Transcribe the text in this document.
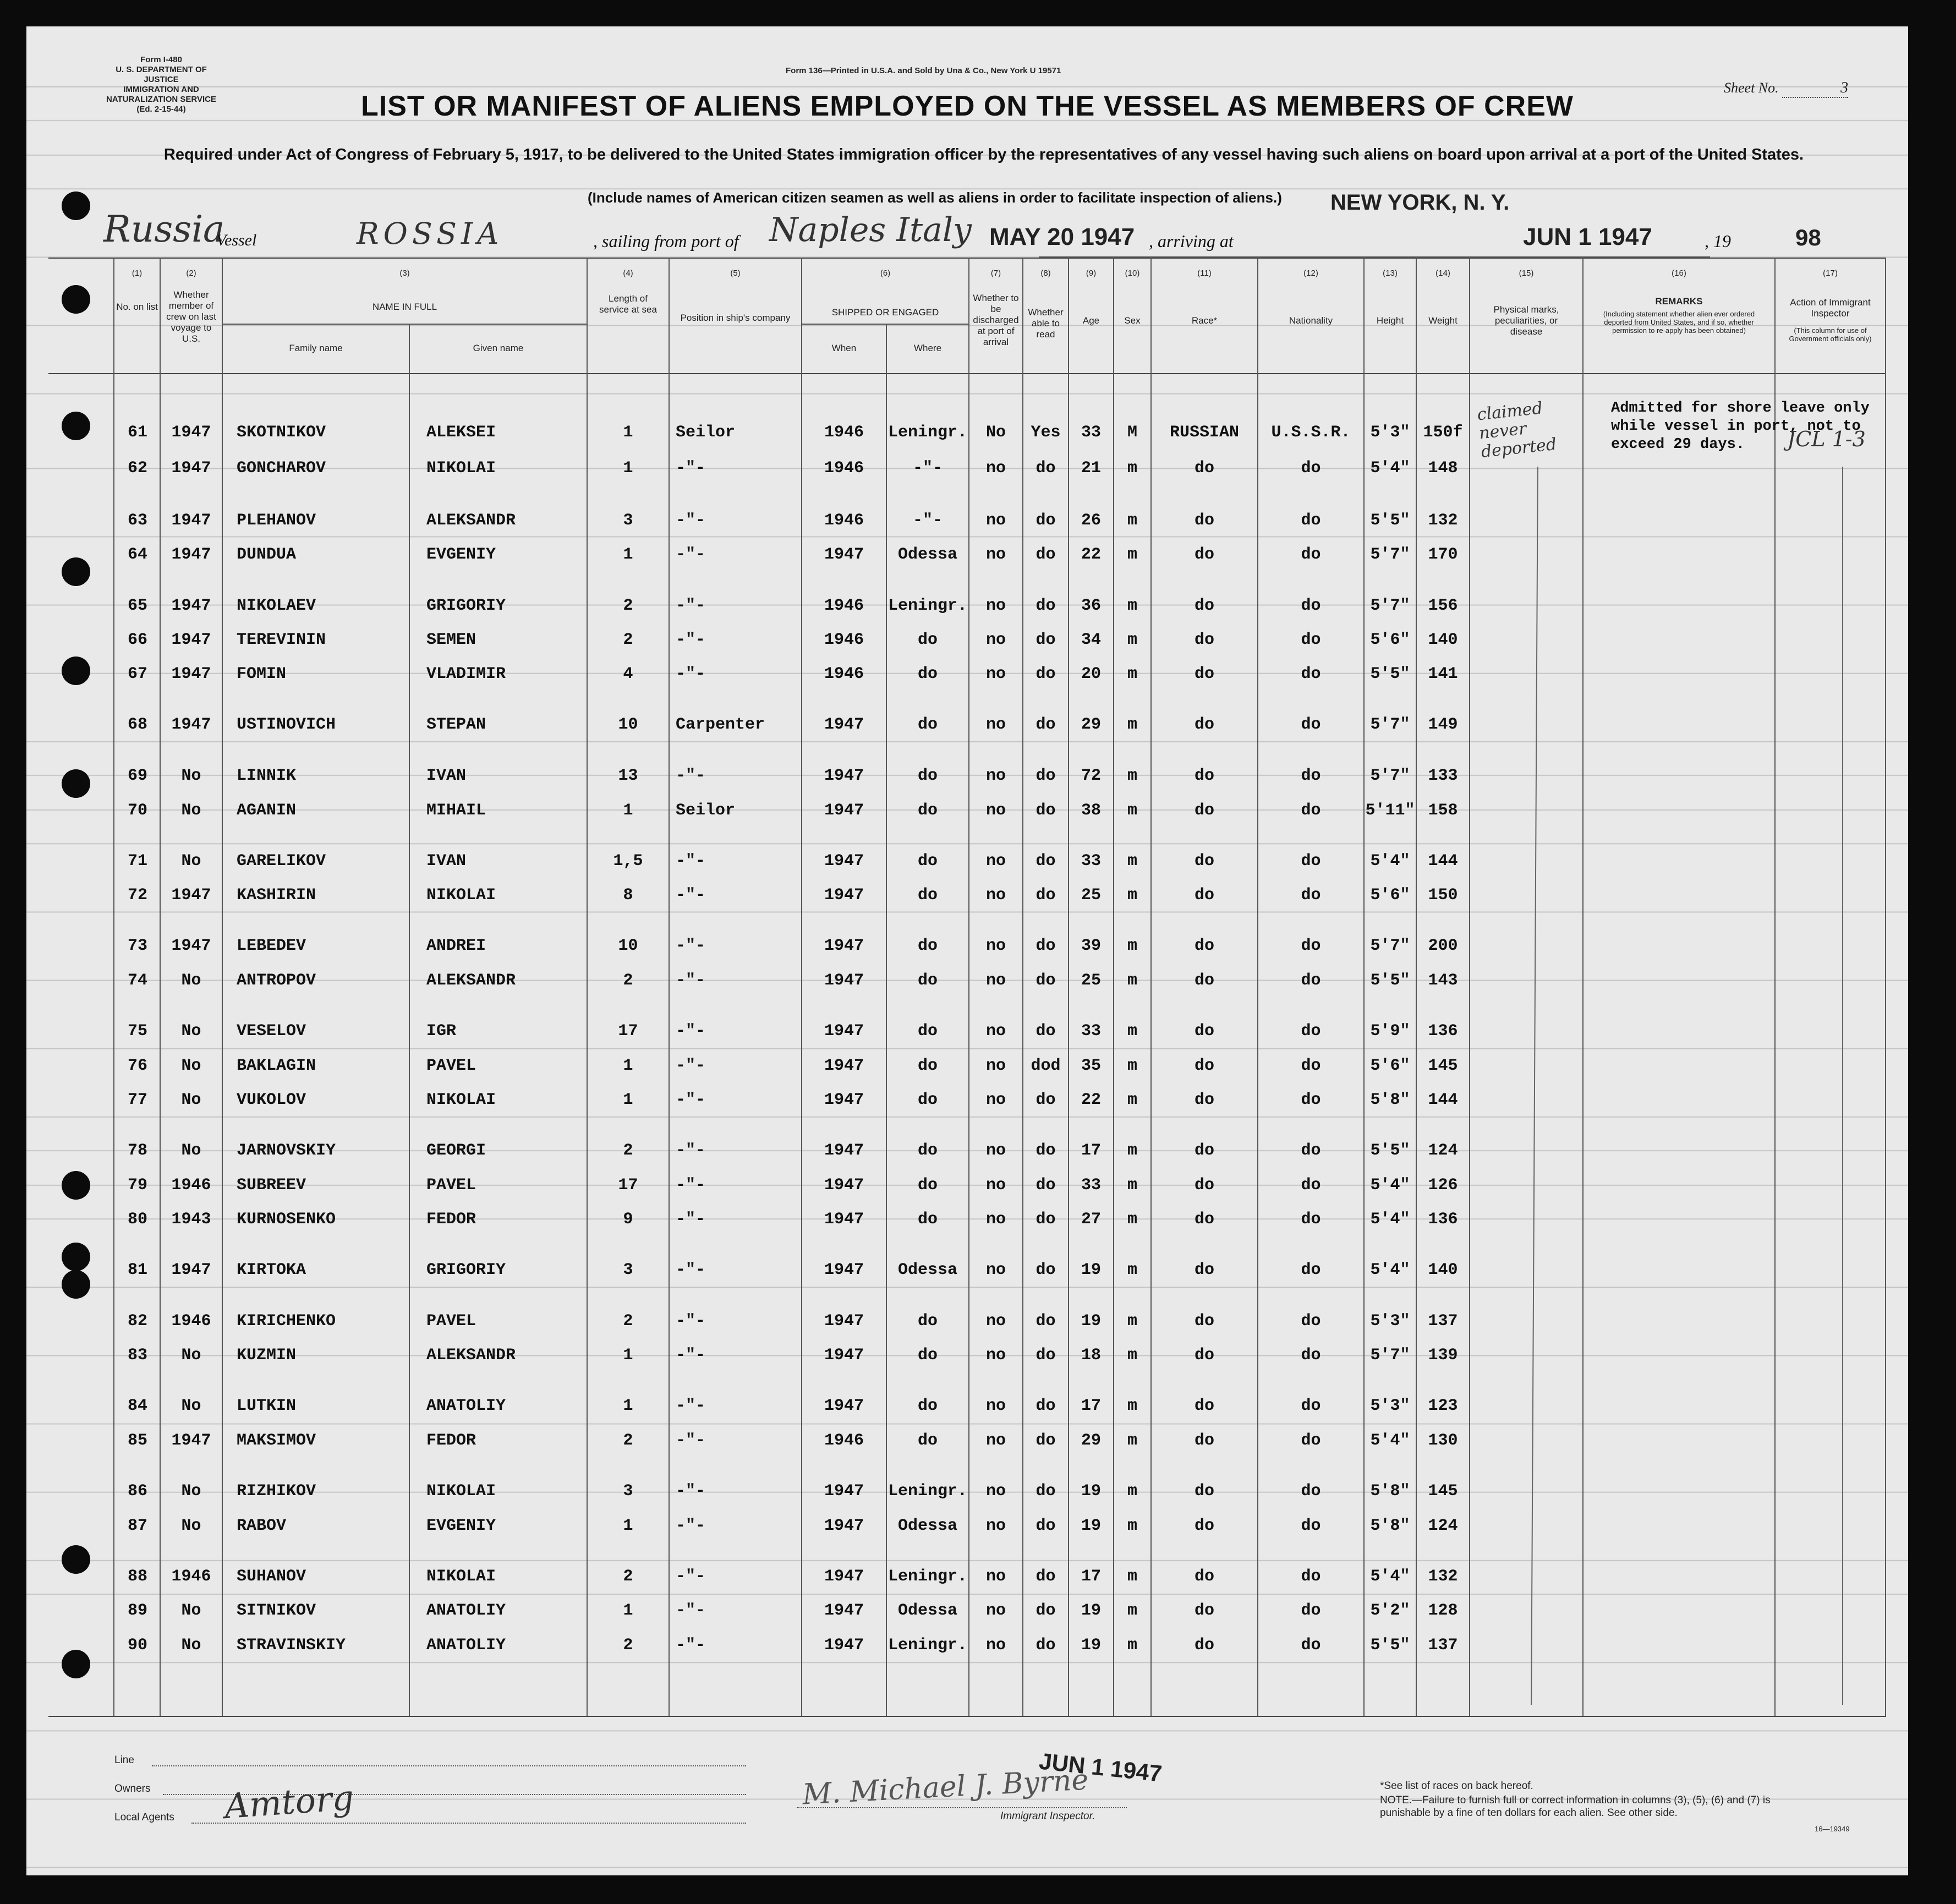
Form I-480
U. S. DEPARTMENT OF JUSTICE
IMMIGRATION AND NATURALIZATION SERVICE
(Ed. 2-15-44)
Form 136—Printed in U.S.A. and Sold by Una & Co., New York U 19571
Sheet No.	3
LIST OR MANIFEST OF ALIENS EMPLOYED ON THE VESSEL AS MEMBERS OF CREW
Required under Act of Congress of February 5, 1917, to be delivered to the United States immigration officer by the representatives of any vessel having such aliens on board upon arrival at a port of the United States.
(Include names of American citizen seamen as well as aliens in order to facilitate inspection of aliens.)
Russia
Vessel	ROSSIA	, sailing from port of Naples Italy MAY 20 1947 , arriving at
NEW YORK, N. Y.
JUN 1 1947	, 19	98
(1)
No. on list
(2)
Whether member of crew on last voyage to U.S.
(3)
NAME IN FULL
Family name	Given name
(4)
Length of service at sea
(5)
Position in ship's company
(6)
SHIPPED OR ENGAGED
When	Where
(7)
Whether to be discharged at port of arrival
(8)
Whether able to read
(9)
Age
(10)
Sex
(11)
Race*
(12)
Nationality
(13)
Height
(14)
Weight
(15)
Physical marks, peculiarities, or disease
(16)
REMARKS
(Including statement whether alien ever ordered deported from United States, and if so, whether permission to re-apply has been obtained)
(17)
Action of Immigrant Inspector
(This column for use of Government officials only)
61	1947	SKOTNIKOV	ALEKSEI	1	Seilor	1946	Leningr.	No	Yes	33	M	RUSSIAN	U.S.S.R.	5'3" 150f
62	1947	GONCHAROV	NIKOLAI	1	-"-	1946	-"-	no	do	21	m	do	do	5'4"	148
63	1947	PLEHANOV	ALEKSANDR	3	-"-	1946	-"-	no	do	26	m	do	do	5'5"	132
64	1947	DUNDUA	EVGENIY	1	-"-	1947	Odessa	no	do	22	m	do	do	5'7"	170
65	1947	NIKOLAEV	GRIGORIY	2	-"-	1946	Leningr.	no	do	36	m	do	do	5'7"	156
66	1947	TEREVININ	SEMEN	2	-"-	1946	do	no	do	34	m	do	do	5'6"	140
67	1947	FOMIN	VLADIMIR	4	-"-	1946	do	no	do	20	m	do	do	5'5"	141
68	1947	USTINOVICH	STEPAN	10	Carpenter	1947	do	no	do	29	m	do	do	5'7"	149
69	No	LINNIK	IVAN	13	-"-	1947	do	no	do	72	m	do	do	5'7"	133
70	No	AGANIN	MIHAIL	1	Seilor	1947	do	no	do	38	m	do	do	5'11" 158
71	No	GARELIKOV	IVAN	1,5	-"-	1947	do	no	do	33	m	do	do	5'4"	144
72	1947	KASHIRIN	NIKOLAI	8	-"-	1947	do	no	do	25	m	do	do	5'6"	150
73	1947	LEBEDEV	ANDREI	10	-"-	1947	do	no	do	39	m	do	do	5'7"	200
74	No	ANTROPOV	ALEKSANDR	2	-"-	1947	do	no	do	25	m	do	do	5'5"	143
75	No	VESELOV	IGR	17	-"-	1947	do	no	do	33	m	do	do	5'9"	136
76	No	BAKLAGIN	PAVEL	1	-"-	1947	do	no	dod	35	m	do	do	5'6"	145
77	No	VUKOLOV	NIKOLAI	1	-"-	1947	do	no	do	22	m	do	do	5'8"	144
78	No	JARNOVSKIY	GEORGI	2	-"-	1947	do	no	do	17	m	do	do	5'5"	124
79	1946	SUBREEV	PAVEL	17	-"-	1947	do	no	do	33	m	do	do	5'4"	126
80	1943	KURNOSENKO	FEDOR	9	-"-	1947	do	no	do	27	m	do	do	5'4"	136
81	1947	KIRTOKA	GRIGORIY	3	-"-	1947	Odessa	no	do	19	m	do	do	5'4"	140
82	1946	KIRICHENKO	PAVEL	2	-"-	1947	do	no	do	19	m	do	do	5'3"	137
83	No	KUZMIN	ALEKSANDR	1	-"-	1947	do	no	do	18	m	do	do	5'7"	139
84	No	LUTKIN	ANATOLIY	1	-"-	1947	do	no	do	17	m	do	do	5'3"	123
85	1947	MAKSIMOV	FEDOR	2	-"-	1946	do	no	do	29	m	do	do	5'4"	130
86	No	RIZHIKOV	NIKOLAI	3	-"-	1947	Leningr.	no	do	19	m	do	do	5'8"	145
87	No	RABOV	EVGENIY	1	-"-	1947	Odessa	no	do	19	m	do	do	5'8"	124
88	1946	SUHANOV	NIKOLAI	2	-"-	1947	Leningr.	no	do	17	m	do	do	5'4"	132
89	No	SITNIKOV	ANATOLIY	1	-"-	1947	Odessa	no	do	19	m	do	do	5'2"	128
90	No	STRAVINSKIY	ANATOLIY	2	-"-	1947	Leningr.	no	do	19	m	do	do	5'5"	137
claimed never deported
Admitted for shore leave only
while vessel in port, not to
exceed 29 days.	JCL 1-3
Line
Owners
Local Agents Amtorg	M. Michael J. Byrne
Immigrant Inspector.
JUN 1 1947	*See list of races on back hereof.
NOTE.—Failure to furnish full or correct information in columns (3), (5), (6) and (7) is punishable by a fine of ten dollars for each alien. See other side.
16—19349
